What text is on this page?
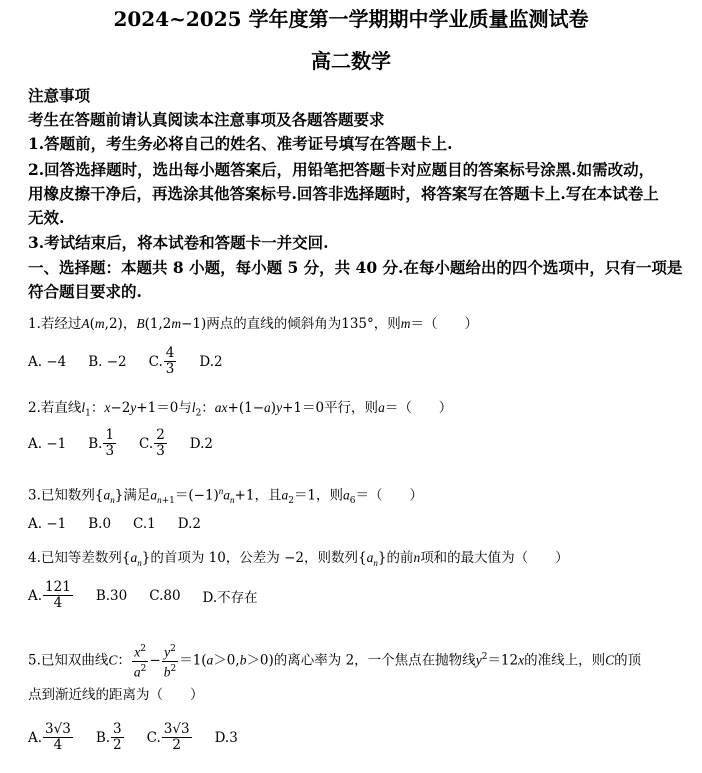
2024~2025 学年度第一学期期中学业质量监测试卷
高二数学
注意事项
考生在答题前请认真阅读本注意事项及各题答题要求
1.答题前，考生务必将自己的姓名、准考证号填写在答题卡上.
2.回答选择题时，选出每小题答案后，用铅笔把答题卡对应题目的答案标号涂黑.如需改动，
用橡皮擦干净后，再选涂其他答案标号.回答非选择题时，将答案写在答题卡上.写在本试卷上
无效.
3.考试结束后，将本试卷和答题卡一并交回.
一、选择题：本题共 8 小题，每小题 5 分，共 40 分.在每小题给出的四个选项中，只有一项是
符合题目要求的.
1.若经过A(m,2)，B(1,2m−1)两点的直线的倾斜角为135°，则m＝（　　）
A. −4 B. −2 C. $\frac{4}{3} D.2$
2.若直线$l_1$：x−2y+1＝0与$l_2$：ax+(1−a)y+1＝0平行，则a＝（　　）
A. −1 B. $\frac{1}{3} C$. $\frac{2}{3} D.2$
3.已知数列$\{a_n\}$满足$a_{n+1}=(-1)^na_n+1$，且$a_2=1$，则$a_6=$（　　）
A. −1 B.0 C.1 D.2
4.已知等差数列$\{a_n\}$的首项为 10，公差为 −2，则数列$\{a_n\}$的前n项和的最大值为（　　）
A. $\frac{121}{4} B.30$ C.80 D.不存在
5.已知双曲线C： $\frac{x^2}{a^2} - \frac{y^2}{b^2} =1(a>0,b>0)$的离心率为 2，一个焦点在抛物线$y^2=12x$的准线上，则C的顶
点到渐近线的距离为（　　）
A. $\frac{3√3}{4} B$. $\frac{3}{2} C$. $\frac{3√3}{2} D.3$
